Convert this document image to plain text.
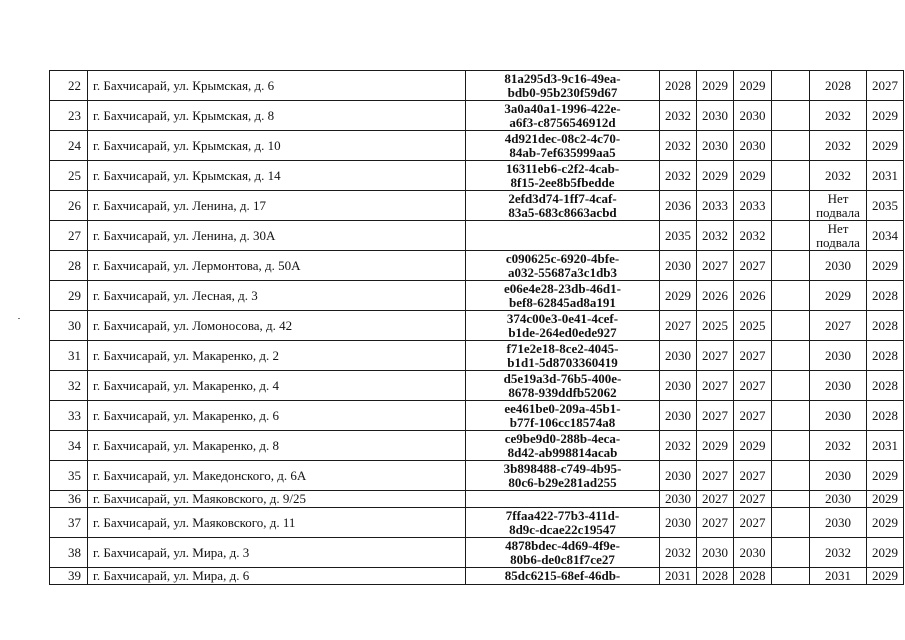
22	г. Бахчисарай, ул. Крымская, д. 6	81a295d3-9c16-49ea-
bdb0-95b230f59d67	2028	2029	2029		2028	2027
23	г. Бахчисарай, ул. Крымская, д. 8	3a0a40a1-1996-422e-
a6f3-c8756546912d	2032	2030	2030		2032	2029
24	г. Бахчисарай, ул. Крымская, д. 10	4d921dec-08c2-4c70-
84ab-7ef635999aa5	2032	2030	2030		2032	2029
25	г. Бахчисарай, ул. Крымская, д. 14	16311eb6-c2f2-4cab-
8f15-2ee8b5fbedde	2032	2029	2029		2032	2031
26	г. Бахчисарай, ул. Ленина, д. 17	2efd3d74-1ff7-4caf-
83a5-683c8663acbd	2036	2033	2033		Нет
подвала	2035
27	г. Бахчисарай, ул. Ленина, д. 30А		2035	2032	2032		Нет
подвала	2034
28	г. Бахчисарай, ул. Лермонтова, д. 50А	c090625c-6920-4bfe-
a032-55687a3c1db3	2030	2027	2027		2030	2029
29	г. Бахчисарай, ул. Лесная, д. 3	e06e4e28-23db-46d1-
bef8-62845ad8a191	2029	2026	2026		2029	2028
30	г. Бахчисарай, ул. Ломоносова, д. 42	374c00e3-0e41-4cef-
b1de-264ed0ede927	2027	2025	2025		2027	2028
31	г. Бахчисарай, ул. Макаренко, д. 2	f71e2e18-8ce2-4045-
b1d1-5d8703360419	2030	2027	2027		2030	2028
32	г. Бахчисарай, ул. Макаренко, д. 4	d5e19a3d-76b5-400e-
8678-939ddfb52062	2030	2027	2027		2030	2028
33	г. Бахчисарай, ул. Макаренко, д. 6	ee461be0-209a-45b1-
b77f-106cc18574a8	2030	2027	2027		2030	2028
34	г. Бахчисарай, ул. Макаренко, д. 8	ce9be9d0-288b-4eca-
8d42-ab998814acab	2032	2029	2029		2032	2031
35	г. Бахчисарай, ул. Македонского, д. 6А	3b898488-c749-4b95-
80c6-b29e281ad255	2030	2027	2027		2030	2029
36	г. Бахчисарай, ул. Маяковского, д. 9/25		2030	2027	2027		2030	2029
37	г. Бахчисарай, ул. Маяковского, д. 11	7ffaa422-77b3-411d-
8d9c-dcae22c19547	2030	2027	2027		2030	2029
38	г. Бахчисарай, ул. Мира, д. 3	4878bdec-4d69-4f9e-
80b6-de0c81f7ce27	2032	2030	2030		2032	2029
39	г. Бахчисарай, ул. Мира, д. 6	85dc6215-68ef-46db-	2031	2028	2028		2031	2029
